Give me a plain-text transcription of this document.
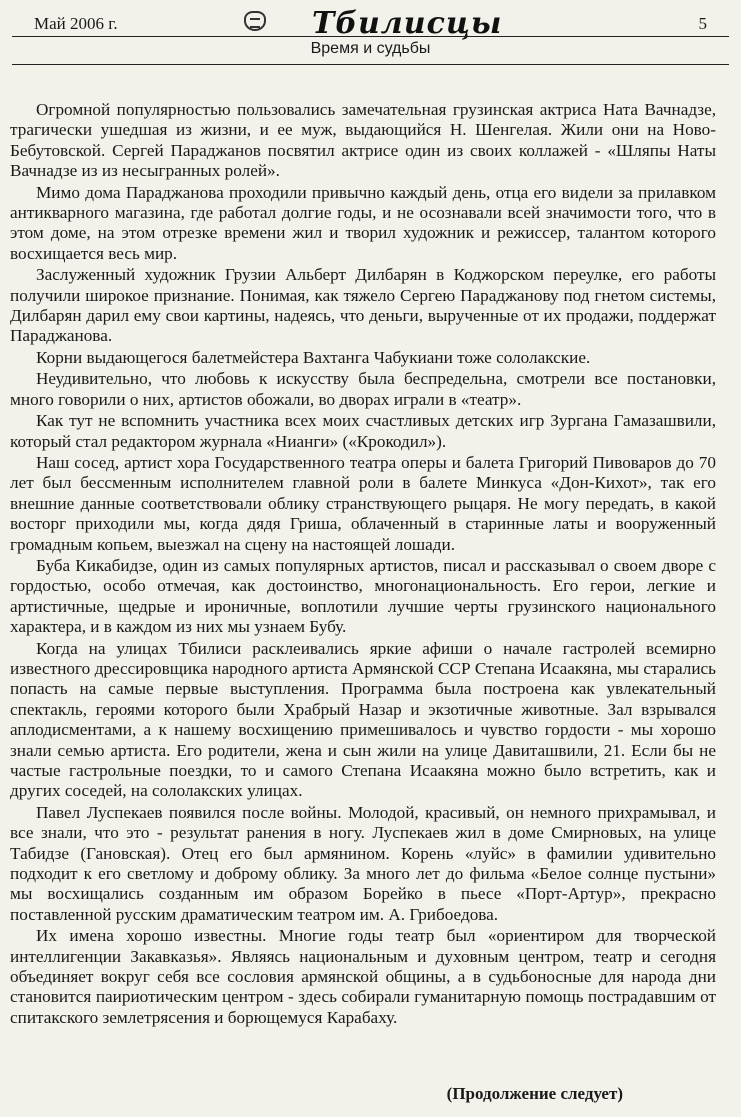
Май 2006 г.	Тбилисцы	5
Время и судьбы

Огромной популярностью пользовались замечательная грузинская актриса Ната Вачнадзе, трагически ушедшая из жизни, и ее муж, выдающийся Н. Шенгелая. Жили они на Ново-Бебутовской. Сергей Параджанов посвятил актрисе один из своих коллажей - «Шляпы Наты Вачнадзе из из несыгранных ролей».

Мимо дома Параджанова проходили привычно каждый день, отца его видели за прилавком антикварного магазина, где работал долгие годы, и не осознавали всей значимости того, что в этом доме, на этом отрезке времени жил и творил художник и режиссер, талантом которого восхищается весь мир.

Заслуженный художник Грузии Альберт Дилбарян в Коджорском переулке, его работы получили широкое признание. Понимая, как тяжело Сергею Параджанову под гнетом системы, Дилбарян дарил ему свои картины, надеясь, что деньги, вырученные от их продажи, поддержат Параджанова.

Корни выдающегося балетмейстера Вахтанга Чабукиани тоже сололакские.

Неудивительно, что любовь к искусству была беспредельна, смотрели все постановки, много говорили о них, артистов обожали, во дворах играли в «театр».

Как тут не вспомнить участника всех моих счастливых детских игр Зургана Гамазашвили, который стал редактором журнала «Нианги» («Крокодил»).

Наш сосед, артист хора Государственного театра оперы и балета Григорий Пивоваров до 70 лет был бессменным исполнителем главной роли в балете Минкуса «Дон-Кихот», так его внешние данные соответствовали облику странствующего рыцаря. Не могу передать, в какой восторг приходили мы, когда дядя Гриша, облаченный в старинные латы и вооруженный громадным копьем, выезжал на сцену на настоящей лошади.

Буба Кикабидзе, один из самых популярных артистов, писал и рассказывал о своем дворе с гордостью, особо отмечая, как достоинство, многонациональность. Его герои, легкие и артистичные, щедрые и ироничные, воплотили лучшие черты грузинского национального характера, и в каждом из них мы узнаем Бубу.

Когда на улицах Тбилиси расклеивались яркие афиши о начале гастролей всемирно известного дрессировщика народного артиста Армянской ССР Степана Исаакяна, мы старались попасть на самые первые выступления. Программа была построена как увлекательный спектакль, героями которого были Храбрый Назар и экзотичные животные. Зал взрывался аплодисментами, а к нашему восхищению примешивалось и чувство гордости - мы хорошо знали семью артиста. Его родители, жена и сын жили на улице Давиташвили, 21. Если бы не частые гастрольные поездки, то и самого Степана Исаакяна можно было встретить, как и других соседей, на сололакских улицах.

Павел Луспекаев появился после войны. Молодой, красивый, он немного прихрамывал, и все знали, что это - результат ранения в ногу. Луспекаев жил в доме Смирновых, на улице Табидзе (Гановская). Отец его был армянином. Корень «луйс» в фамилии удивительно подходит к его светлому и доброму облику. За много лет до фильма «Белое солнце пустыни» мы восхищались созданным им образом Борейко в пьесе «Порт-Артур», прекрасно поставленной русским драматическим театром им. А. Грибоедова.

Их имена хорошо известны. Многие годы театр был «ориентиром для творческой интеллигенции Закавказья». Являясь национальным и духовным центром, театр и сегодня объединяет вокруг себя все сословия армянской общины, а в судьбоносные для народа дни становится паириотическим центром - здесь собирали гуманитарную помощь пострадавшим от спитакского землетрясения и борющемуся Карабаху.

(Продолжение следует)
